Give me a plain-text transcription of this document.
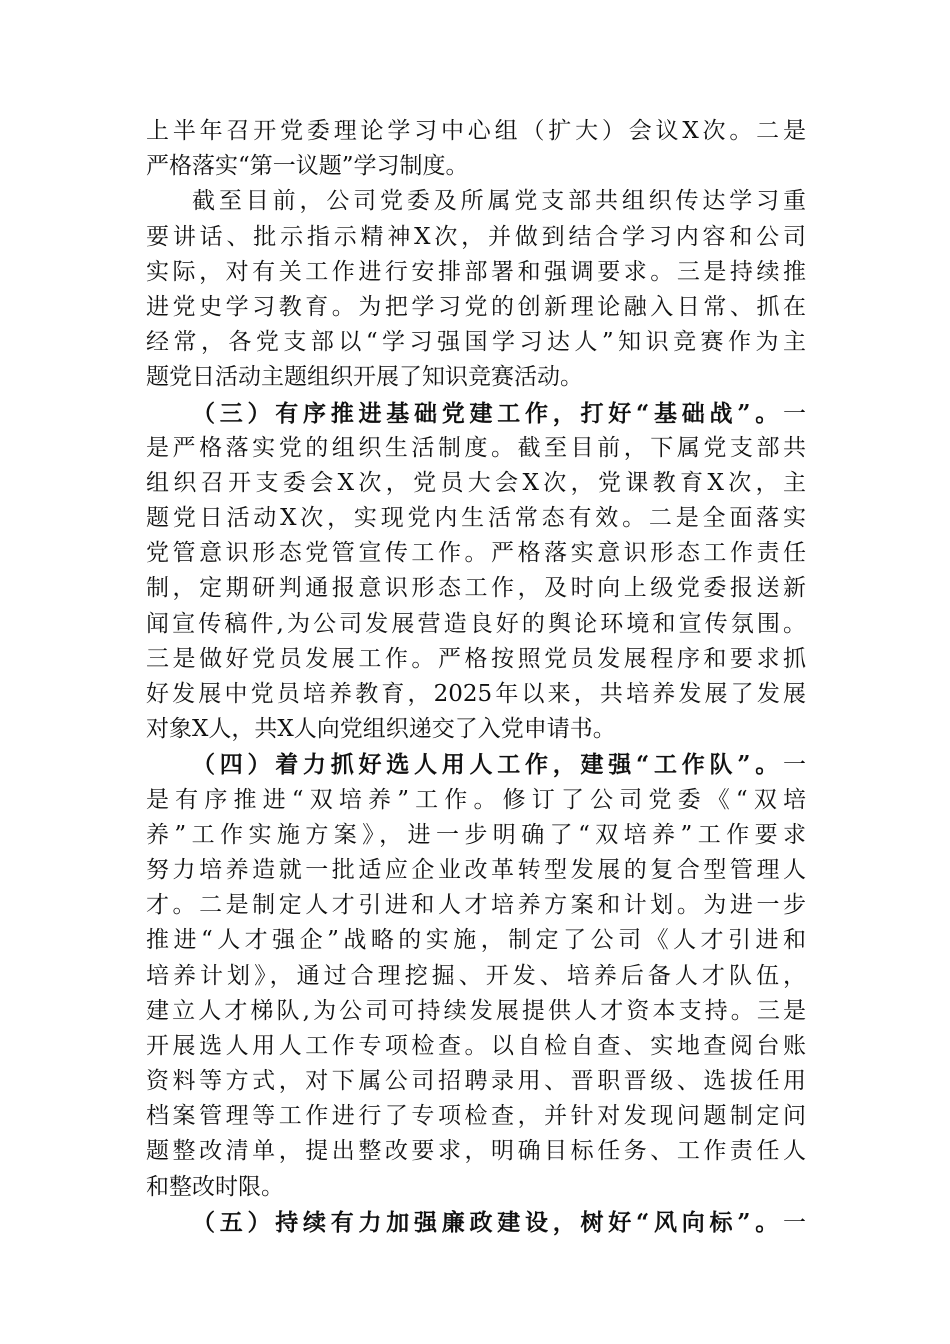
上半年召开党委理论学习中心组（扩大）会议X次。二是
严格落实“第一议题”学习制度。
截至目前，公司党委及所属党支部共组织传达学习重
要讲话、批示指示精神X次，并做到结合学习内容和公司
实际，对有关工作进行安排部署和强调要求。三是持续推
进党史学习教育。为把学习党的创新理论融入日常、抓在
经常，各党支部以“学习强国学习达人”知识竞赛作为主
题党日活动主题组织开展了知识竞赛活动。
（三）有序推进基础党建工作，打好“基础战”。一
是严格落实党的组织生活制度。截至目前，下属党支部共
组织召开支委会X次，党员大会X次，党课教育X次，主
题党日活动X次，实现党内生活常态有效。二是全面落实
党管意识形态党管宣传工作。严格落实意识形态工作责任
制，定期研判通报意识形态工作，及时向上级党委报送新
闻宣传稿件,为公司发展营造良好的舆论环境和宣传氛围。
三是做好党员发展工作。严格按照党员发展程序和要求抓
好发展中党员培养教育，2025年以来，共培养发展了发展
对象X人，共X人向党组织递交了入党申请书。
（四）着力抓好选人用人工作，建强“工作队”。一
是有序推进“双培养”工作。修订了公司党委《“双培
养”工作实施方案》，进一步明确了“双培养”工作要求
努力培养造就一批适应企业改革转型发展的复合型管理人
才。二是制定人才引进和人才培养方案和计划。为进一步
推进“人才强企”战略的实施，制定了公司《人才引进和
培养计划》，通过合理挖掘、开发、培养后备人才队伍，
建立人才梯队,为公司可持续发展提供人才资本支持。三是
开展选人用人工作专项检查。以自检自查、实地查阅台账
资料等方式，对下属公司招聘录用、晋职晋级、选拔任用
档案管理等工作进行了专项检查，并针对发现问题制定问
题整改清单，提出整改要求，明确目标任务、工作责任人
和整改时限。
（五）持续有力加强廉政建设，树好“风向标”。一
